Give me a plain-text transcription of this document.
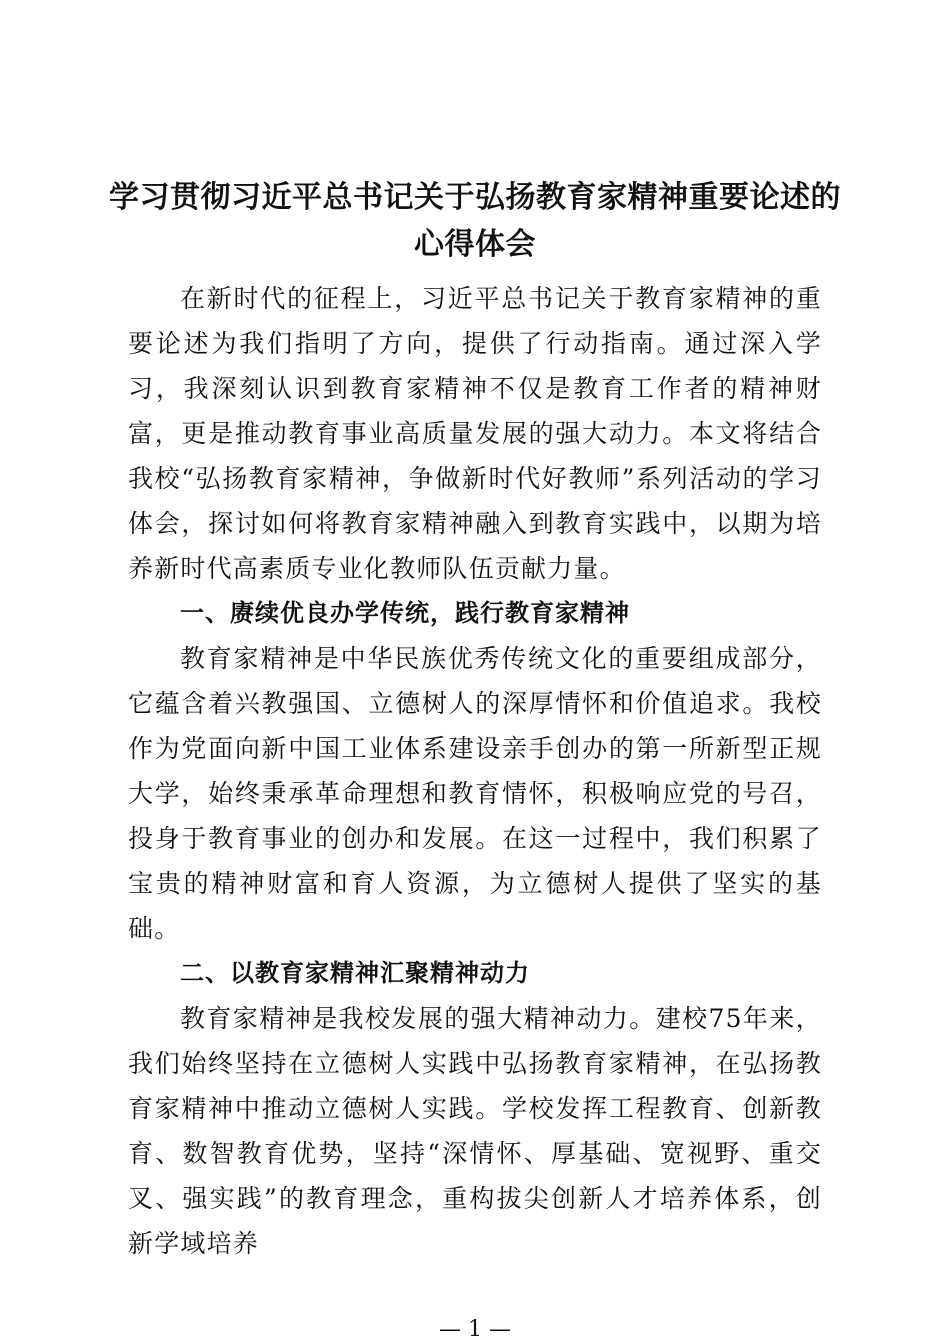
学习贯彻习近平总书记关于弘扬教育家精神重要论述的
心得体会

在新时代的征程上，习近平总书记关于教育家精神的重要论述为我们指明了方向，提供了行动指南。通过深入学习，我深刻认识到教育家精神不仅是教育工作者的精神财富，更是推动教育事业高质量发展的强大动力。本文将结合我校“弘扬教育家精神，争做新时代好教师”系列活动的学习体会，探讨如何将教育家精神融入到教育实践中，以期为培养新时代高素质专业化教师队伍贡献力量。

一、赓续优良办学传统，践行教育家精神

教育家精神是中华民族优秀传统文化的重要组成部分，它蕴含着兴教强国、立德树人的深厚情怀和价值追求。我校作为党面向新中国工业体系建设亲手创办的第一所新型正规大学，始终秉承革命理想和教育情怀，积极响应党的号召，投身于教育事业的创办和发展。在这一过程中，我们积累了宝贵的精神财富和育人资源，为立德树人提供了坚实的基础。

二、以教育家精神汇聚精神动力

教育家精神是我校发展的强大精神动力。建校75年来，我们始终坚持在立德树人实践中弘扬教育家精神，在弘扬教育家精神中推动立德树人实践。学校发挥工程教育、创新教育、数智教育优势，坚持“深情怀、厚基础、宽视野、重交叉、强实践”的教育理念，重构拔尖创新人才培养体系，创新学域培养

— 1 —
